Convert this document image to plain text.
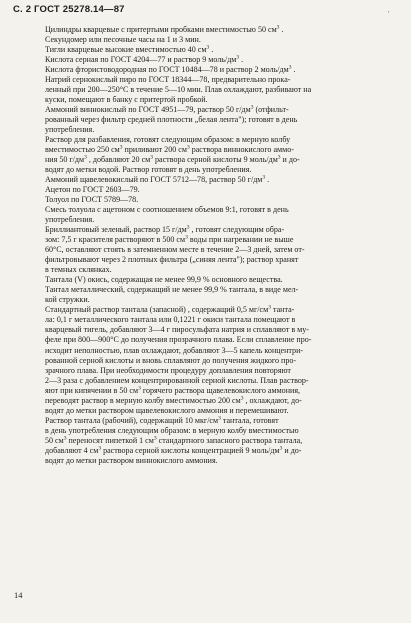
′
С. 2 ГОСТ 25278.14—87
Цилиндры кварцевые с притертыми пробками вместимостью 50 $см^3$ .
Секундомер или песочные часы на 1 и 3 мин.
Тигли кварцевые высокие вместимостью 40 $см^3$ .
Кислота серная по ГОСТ 4204—77 и раствор 9 моль/$дм^3$ .
Кислота фтористоводородная по ГОСТ 10484—78 и раствор 2 моль/$дм^3$ .
Натрий сернокислый пиро по ГОСТ 18344—78, предварительно прока-
ленный при 200—250°С в течение 5—10 мин. Плав охлаждают, разбивают на
куски, помещают в банку с притертой пробкой.
Аммоний виннокислый по ГОСТ 4951—79, раствор 50 $г/дм^3$ (отфильт-
рованный через фильтр средней плотности „белая лента"); готовят в день
употребления.
Раствор для разбавления, готовят следующим образом: в мерную колбу
вместимостью 250 $см^3$ приливают 200 $см^3$ раствора виннокислого аммо-
ния 50 $г/дм^3$ , добавляют 20 $см^3$ раствора серной кислоты 9 моль/$дм^3$ и до-
водят до метки водой. Раствор готовят в день употребления.
Аммоний щавелевокислый по ГОСТ 5712—78, раствор 50 $г/дм^3$ .
Ацетон по ГОСТ 2603—79.
Толуол по ГОСТ 5789—78.
Смесь толуола с ацетоном с соотношением объемов 9:1, готовят в день
употребления.
Бриллиантовый зеленый, раствор 15 $г/дм^3$ , готовят следующим обра-
зом: 7,5 г красителя растворяют в 500 $см^3$ воды при нагревании не выше
60°С, оставляют стоять в затемненном месте в течение 2—3 дней, затем от-
фильтровывают через 2 плотных фильтра („синяя лента"); раствор хранят
в темных склянках.
Тантала (V) окись, содержащая не менее 99,9 % основного вещества.
Тантал металлический, содержащий не менее 99,9 % тантала, в виде мел-
кой стружки.
Стандартный раствор тантала (запасной) , содержащий 0,5 $мг/см^3$ танта-
ла: 0,1 г металлического тантала или 0,1221 г окиси тантала помещают в
кварцевый тигель, добавляют 3—4 г пиросульфата натрия и сплавляют в му-
феле при 800—900°С до получения прозрачного плава. Если сплавление про-
исходит неполностью, плав охлаждают, добавляют 3—5 капель концентри-
рованной серной кислоты и вновь сплавляют до получения жидкого про-
зрачного плава. При необходимости процедуру доплавления повторяют
2—3 раза с добавлением концентрированной серной кислоты. Плав раствор-
яют при кипячении в 50 $см^3$ горячего раствора щавелевокислого аммония,
переводят раствор в мерную колбу вместимостью 200 $см^3$ , охлаждают, до-
водят до метки раствором щавелевокислого аммония и перемешивают.
Раствор тантала (рабочий), содержащий 10 мкг/$см^3$ тантала, готовят
в день употребления следующим образом: в мерную колбу вместимостью
50 $см^3$ переносят пипеткой 1 $см^3$ стандартного запасного раствора тантала,
добавляют 4 $см^3$ раствора серной кислоты концентрацией 9 моль/$дм^3$ и до-
водят до метки раствором виннокислого аммония.
14
